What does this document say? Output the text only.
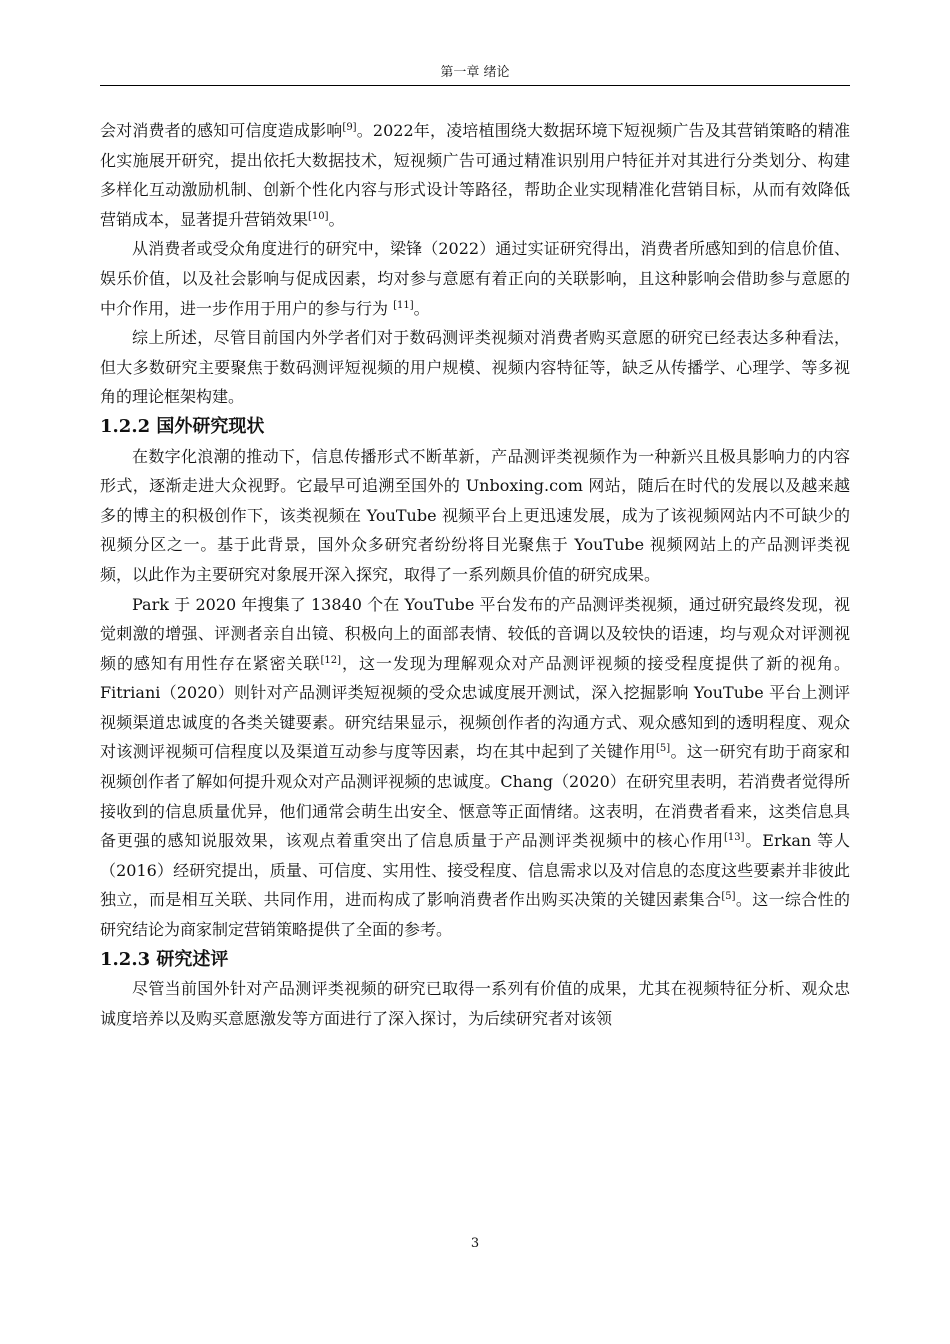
第一章 绪论

会对消费者的感知可信度造成影响[9]。2022年，凌培植围绕大数据环境下短视频广告及其营销策略的精准化实施展开研究，提出依托大数据技术，短视频广告可通过精准识别用户特征并对其进行分类划分、构建多样化互动激励机制、创新个性化内容与形式设计等路径，帮助企业实现精准化营销目标，从而有效降低营销成本，显著提升营销效果[10]。

从消费者或受众角度进行的研究中，梁锋（2022）通过实证研究得出，消费者所感知到的信息价值、娱乐价值，以及社会影响与促成因素，均对参与意愿有着正向的关联影响，且这种影响会借助参与意愿的中介作用，进一步作用于用户的参与行为 [11]。

综上所述，尽管目前国内外学者们对于数码测评类视频对消费者购买意愿的研究已经表达多种看法，但大多数研究主要聚焦于数码测评短视频的用户规模、视频内容特征等，缺乏从传播学、心理学、等多视角的理论框架构建。

1.2.2 国外研究现状

在数字化浪潮的推动下，信息传播形式不断革新，产品测评类视频作为一种新兴且极具影响力的内容形式，逐渐走进大众视野。它最早可追溯至国外的 Unboxing.com 网站，随后在时代的发展以及越来越多的博主的积极创作下，该类视频在 YouTube 视频平台上更迅速发展，成为了该视频网站内不可缺少的视频分区之一。基于此背景，国外众多研究者纷纷将目光聚焦于 YouTube 视频网站上的产品测评类视频，以此作为主要研究对象展开深入探究，取得了一系列颇具价值的研究成果。

Park 于 2020 年搜集了 13840 个在 YouTube 平台发布的产品测评类视频，通过研究最终发现，视觉刺激的增强、评测者亲自出镜、积极向上的面部表情、较低的音调以及较快的语速，均与观众对评测视频的感知有用性存在紧密关联[12]，这一发现为理解观众对产品测评视频的接受程度提供了新的视角。Fitriani（2020）则针对产品测评类短视频的受众忠诚度展开测试，深入挖掘影响 YouTube 平台上测评视频渠道忠诚度的各类关键要素。研究结果显示，视频创作者的沟通方式、观众感知到的透明程度、观众对该测评视频可信程度以及渠道互动参与度等因素，均在其中起到了关键作用[5]。这一研究有助于商家和视频创作者了解如何提升观众对产品测评视频的忠诚度。Chang（2020）在研究里表明，若消费者觉得所接收到的信息质量优异，他们通常会萌生出安全、惬意等正面情绪。这表明，在消费者看来，这类信息具备更强的感知说服效果，该观点着重突出了信息质量于产品测评类视频中的核心作用[13]。Erkan 等人（2016）经研究提出，质量、可信度、实用性、接受程度、信息需求以及对信息的态度这些要素并非彼此独立，而是相互关联、共同作用，进而构成了影响消费者作出购买决策的关键因素集合[5]。这一综合性的研究结论为商家制定营销策略提供了全面的参考。

1.2.3 研究述评

尽管当前国外针对产品测评类视频的研究已取得一系列有价值的成果，尤其在视频特征分析、观众忠诚度培养以及购买意愿激发等方面进行了深入探讨，为后续研究者对该领

3
